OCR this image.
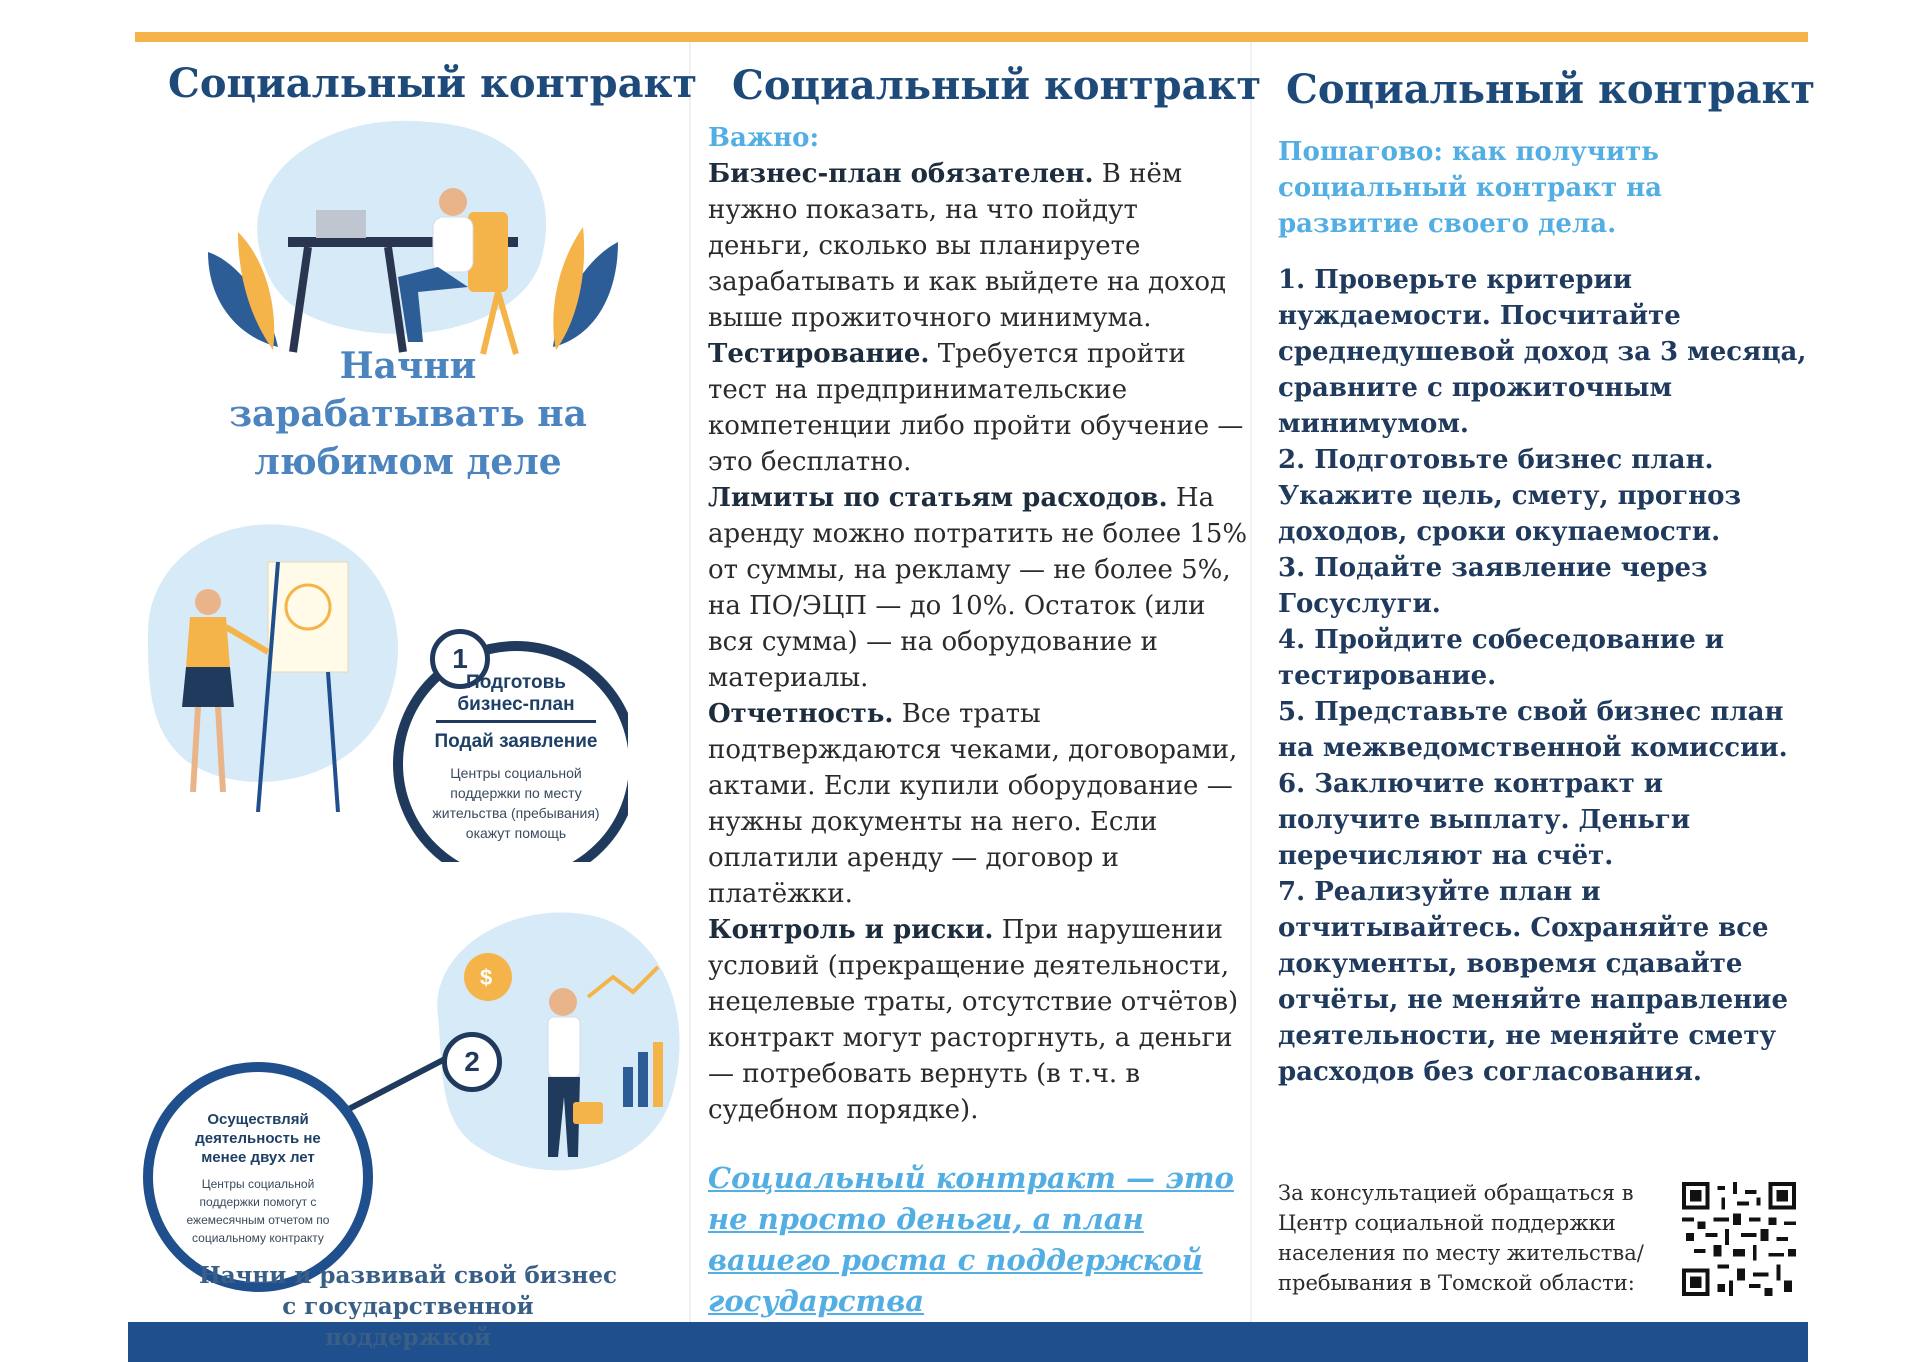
Социальный контракт
Начни зарабатывать на любимом деле
1
Подготовь
бизнес-план
Подай заявление
Центры социальной поддержки по месту жительства (пребывания) окажут помощь
$
2
Осуществляй деятельность не менее двух лет
Центры социальной поддержки помогут с ежемесячным отчетом по социальному контракту
Начни и развивай свой бизнес с государственной поддержкой
Социальный контракт
Важно:
Бизнес-план обязателен. В нём нужно показать, на что пойдут деньги, сколько вы планируете зарабатывать и как выйдете на доход выше прожиточного минимума.
Тестирование. Требуется пройти тест на предпринимательские компетенции либо пройти обучение — это бесплатно.
Лимиты по статьям расходов. На аренду можно потратить не более 15% от суммы, на рекламу — не более 5%, на ПО/ЭЦП — до 10%. Остаток (или вся сумма) — на оборудование и материалы.
Отчетность. Все траты подтверждаются чеками, договорами, актами. Если купили оборудование — нужны документы на него. Если оплатили аренду — договор и платёжки.
Контроль и риски. При нарушении условий (прекращение деятельности, нецелевые траты, отсутствие отчётов) контракт могут расторгнуть, а деньги — потребовать вернуть (в т.ч. в судебном порядке).
Социальный контракт — это не просто деньги, а план вашего роста с поддержкой государства
Социальный контракт
Пошагово: как получить социальный контракт на развитие своего дела.
1. Проверьте критерии нуждаемости. Посчитайте среднедушевой доход за 3 месяца, сравните с прожиточным минимумом.
2. Подготовьте бизнес план. Укажите цель, смету, прогноз доходов, сроки окупаемости.
3. Подайте заявление через Госуслуги.
4. Пройдите собеседование и тестирование.
5. Представьте свой бизнес план на межведомственной комиссии.
6. Заключите контракт и получите выплату. Деньги перечисляют на счёт.
7. Реализуйте план и отчитывайтесь. Сохраняйте все документы, вовремя сдавайте отчёты, не меняйте направление деятельности, не меняйте смету расходов без согласования.
За консультацией обращаться в Центр социальной поддержки населения по месту жительства/ пребывания в Томской области:
